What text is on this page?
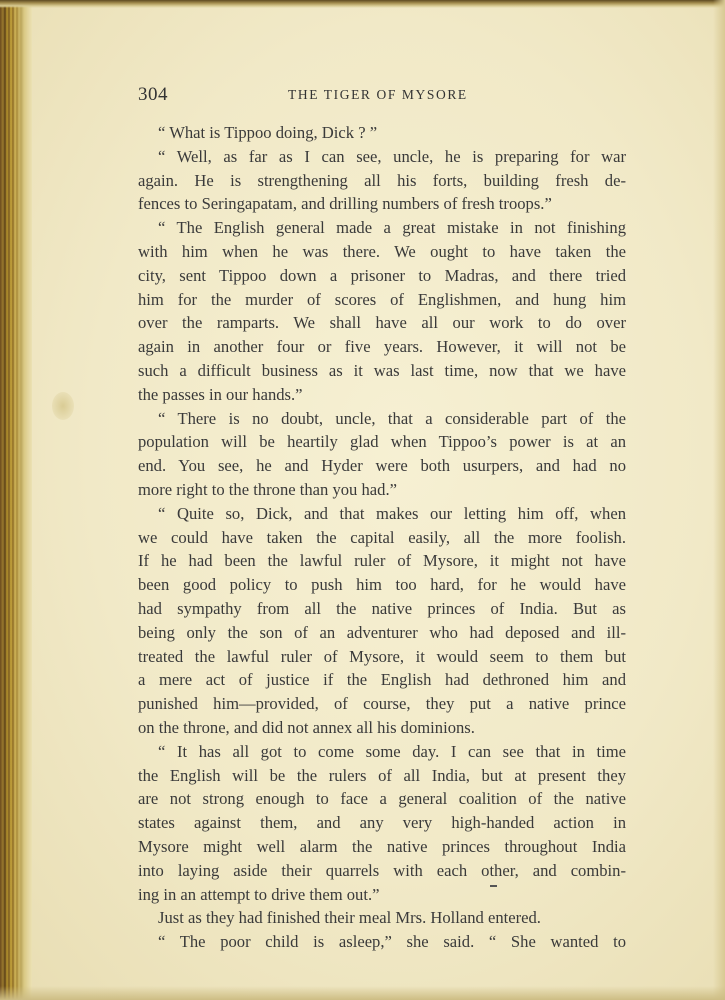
304	THE TIGER OF MYSORE
“ What is Tippoo doing, Dick ? ”
“ Well, as far as I can see, uncle, he is preparing for war
again. He is strengthening all his forts, building fresh de-
fences to Seringapatam, and drilling numbers of fresh troops.”
“ The English general made a great mistake in not finishing
with him when he was there. We ought to have taken the
city, sent Tippoo down a prisoner to Madras, and there tried
him for the murder of scores of Englishmen, and hung him
over the ramparts. We shall have all our work to do over
again in another four or five years. However, it will not be
such a difficult business as it was last time, now that we have
the passes in our hands.”
“ There is no doubt, uncle, that a considerable part of the
population will be heartily glad when Tippoo’s power is at an
end. You see, he and Hyder were both usurpers, and had no
more right to the throne than you had.”
“ Quite so, Dick, and that makes our letting him off, when
we could have taken the capital easily, all the more foolish.
If he had been the lawful ruler of Mysore, it might not have
been good policy to push him too hard, for he would have
had sympathy from all the native princes of India. But as
being only the son of an adventurer who had deposed and ill-
treated the lawful ruler of Mysore, it would seem to them but
a mere act of justice if the English had dethroned him and
punished him—provided, of course, they put a native prince
on the throne, and did not annex all his dominions.
“ It has all got to come some day. I can see that in time
the English will be the rulers of all India, but at present they
are not strong enough to face a general coalition of the native
states against them, and any very high-handed action in
Mysore might well alarm the native princes throughout India
into laying aside their quarrels with each other, and combin-
ing in an attempt to drive them out.”
Just as they had finished their meal Mrs. Holland entered.
“ The poor child is asleep,” she said. “ She wanted to
